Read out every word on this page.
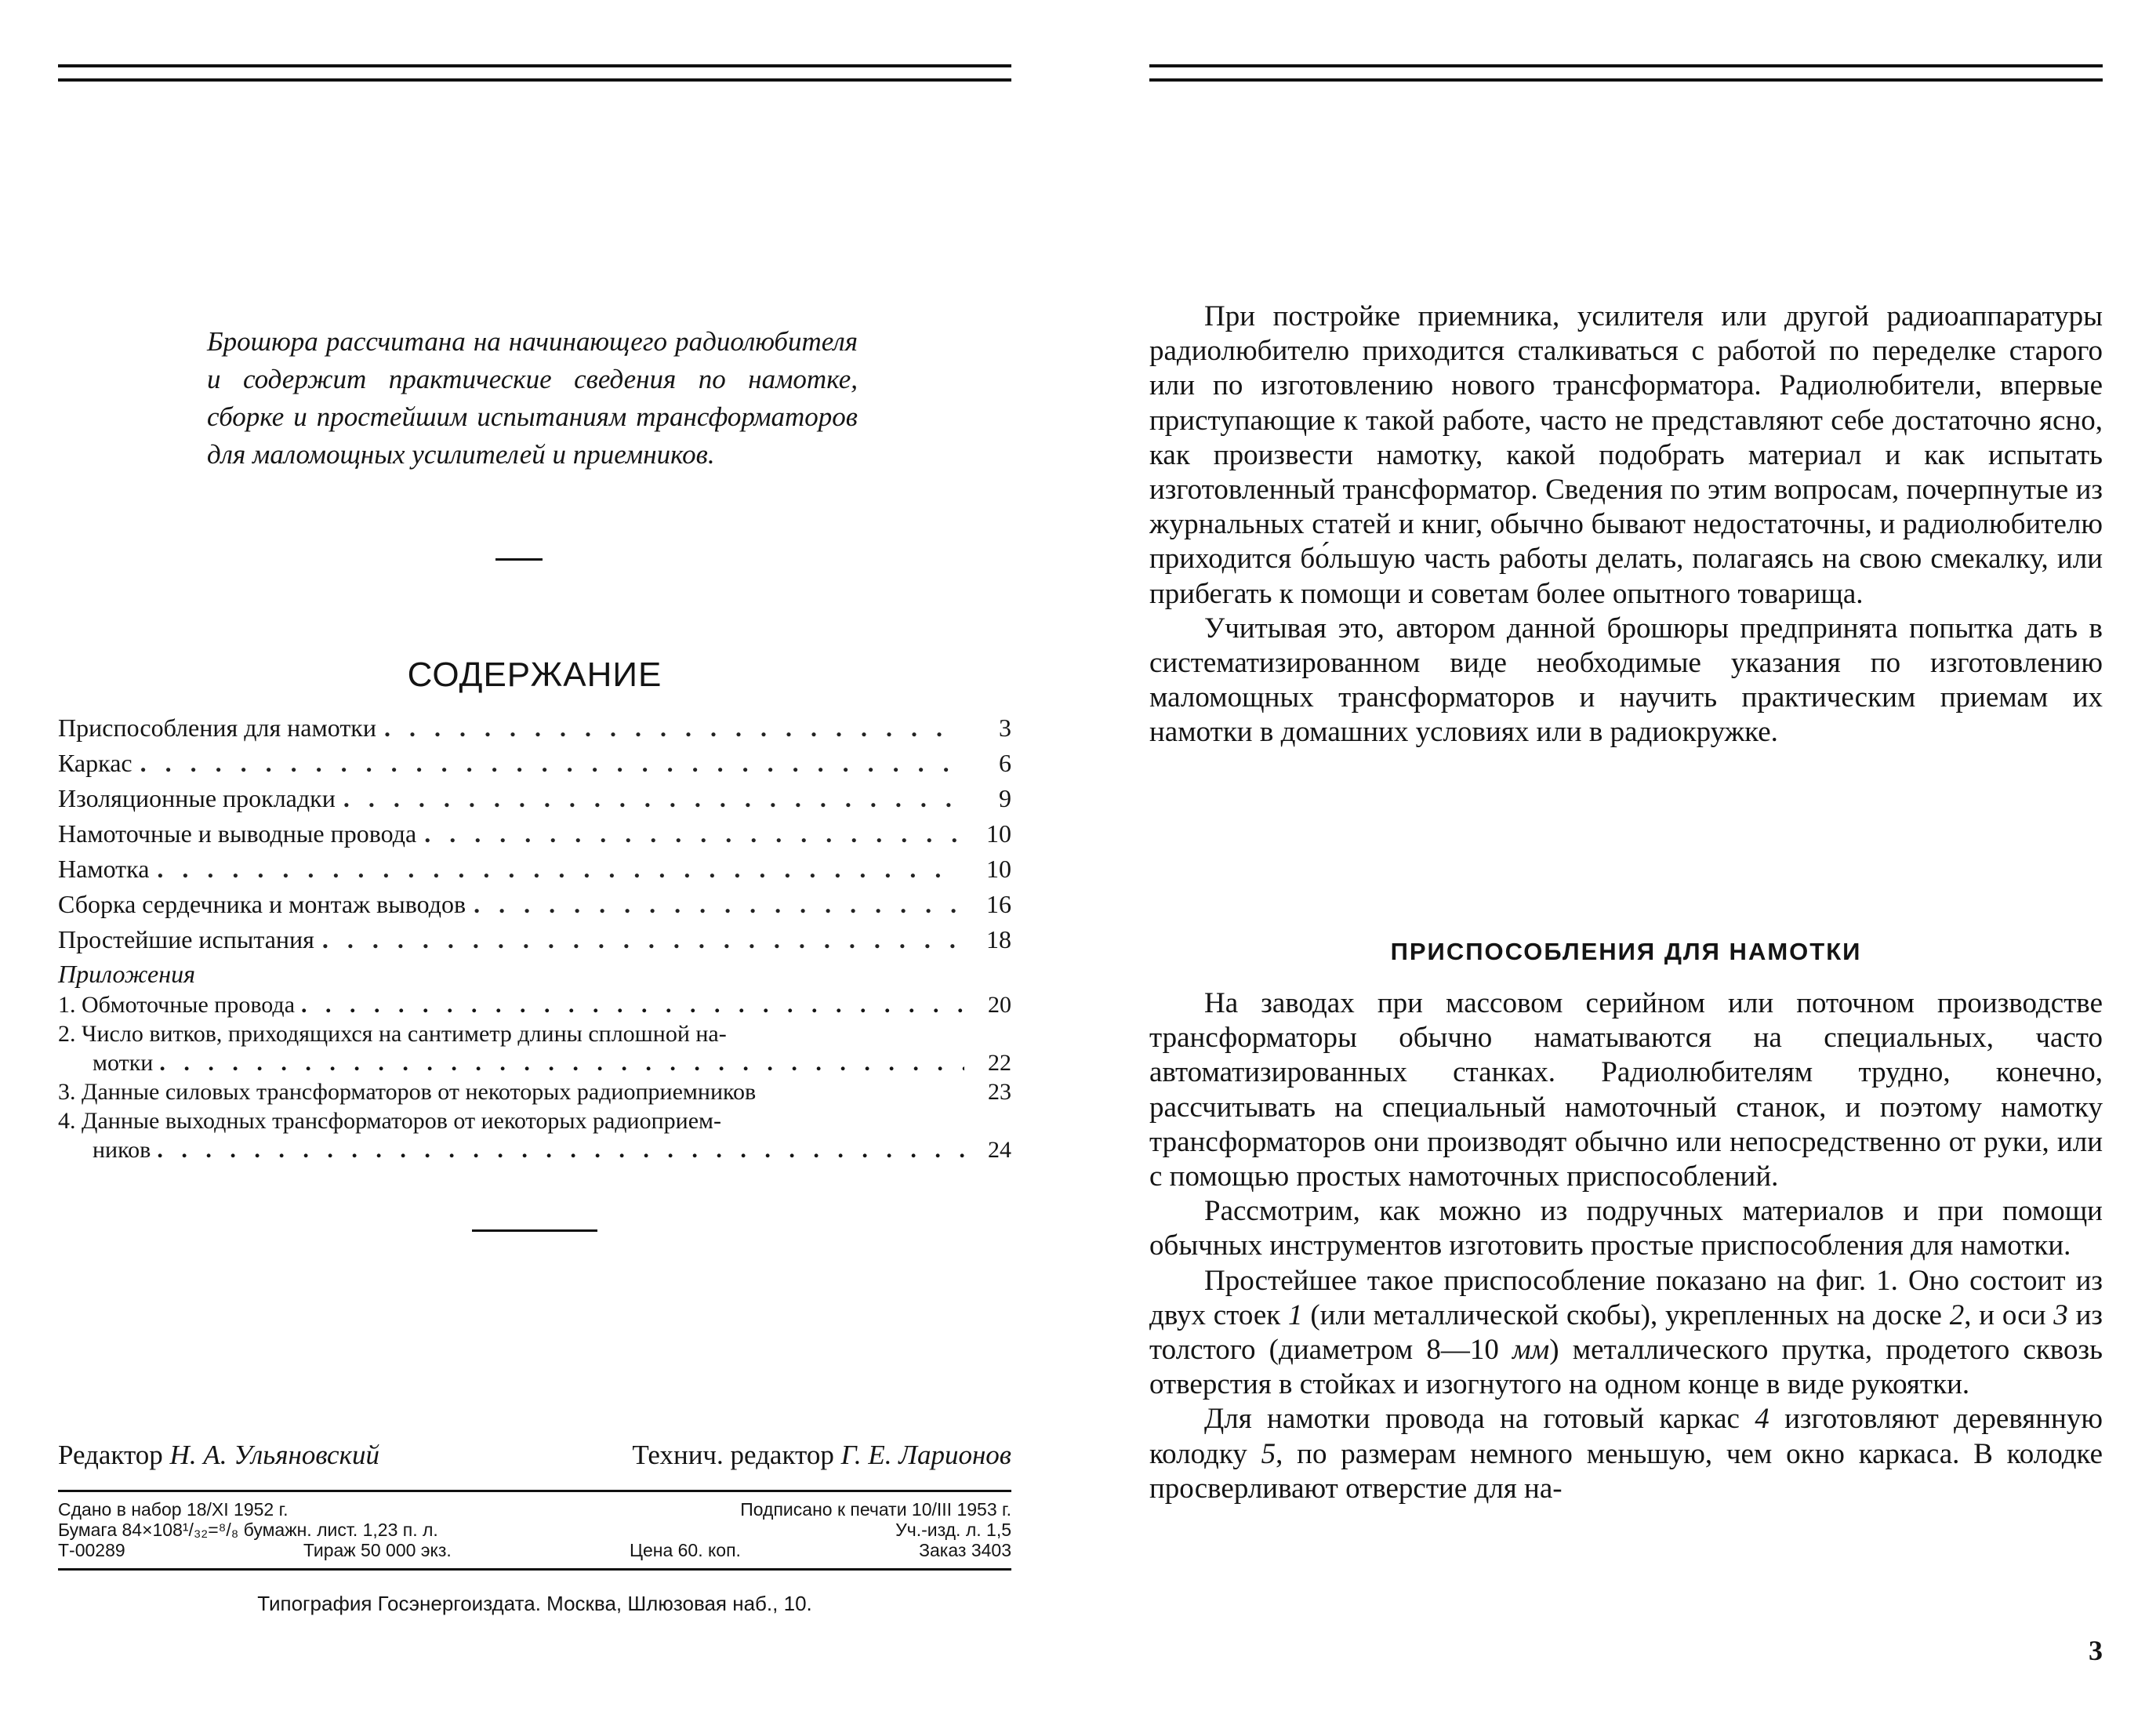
Брошюра рассчитана на начинающего радиолюбителя и содержит практические сведения по намотке, сборке и простейшим испытаниям трансформаторов для маломощных усилителей и приемников.
СОДЕРЖАНИЕ
Приспособления для намотки . . .	3
Каркас . . .	6
Изоляционные прокладки . . .	9
Намоточные и выводные провода . . .	10
Намотка . . .	10
Сборка сердечника и монтаж выводов . . .	16
Простейшие испытания . . .	18
Приложения
1. Обмоточные провода . . .	20
2. Число витков, приходящихся на сантиметр длины сплошной на-
мотки . . .	22
3. Данные силовых трансформаторов от некоторых радиоприемников	23
4. Данные выходных трансформаторов от иекоторых радиоприем-
ников . . .	24
Редактор Н. А. Ульяновский	Технич. редактор Г. Е. Ларионов
Сдано в набор 18/XI 1952 г.	Подписано к печати 10/III 1953 г.
Бумага 84×108¹/₃₂=⁸/₈ бумажн. лист. 1,23 п. л.	Уч.-изд. л. 1,5
Т-00289	Тираж 50 000 экз.	Цена 60. коп.	Заказ 3403
Типография Госэнергоиздата. Москва, Шлюзовая наб., 10.

При постройке приемника, усилителя или другой радиоаппаратуры радиолюбителю приходится сталкиваться с работой по переделке старого или по изготовлению нового трансформатора. Радиолюбители, впервые приступающие к такой работе, часто не представляют себе достаточно ясно, как произвести намотку, какой подобрать материал и как испытать изготовленный трансформатор. Сведения по этим вопросам, почерпнутые из журнальных статей и книг, обычно бывают недостаточны, и радиолюбителю приходится бо́льшую часть работы делать, полагаясь на свою смекалку, или прибегать к помощи и советам более опытного товарища.

Учитывая это, автором данной брошюры предпринята попытка дать в систематизированном виде необходимые указания по изготовлению маломощных трансформаторов и научить практическим приемам их намотки в домашних условиях или в радиокружке.

ПРИСПОСОБЛЕНИЯ ДЛЯ НАМОТКИ

На заводах при массовом серийном или поточном производстве трансформаторы обычно наматываются на специальных, часто автоматизированных станках. Радиолюбителям трудно, конечно, рассчитывать на специальный намоточный станок, и поэтому намотку трансформаторов они производят обычно или непосредственно от руки, или с помощью простых намоточных приспособлений.

Рассмотрим, как можно из подручных материалов и при помощи обычных инструментов изготовить простые приспособления для намотки.

Простейшее такое приспособление показано на фиг. 1. Оно состоит из двух стоек 1 (или металлической скобы), укрепленных на доске 2, и оси 3 из толстого (диаметром 8—10 мм) металлического прутка, продетого сквозь отверстия в стойках и изогнутого на одном конце в виде рукоятки.

Для намотки провода на готовый каркас 4 изготовляют деревянную колодку 5, по размерам немного меньшую, чем окно каркаса. В колодке просверливают отверстие для на-

3
